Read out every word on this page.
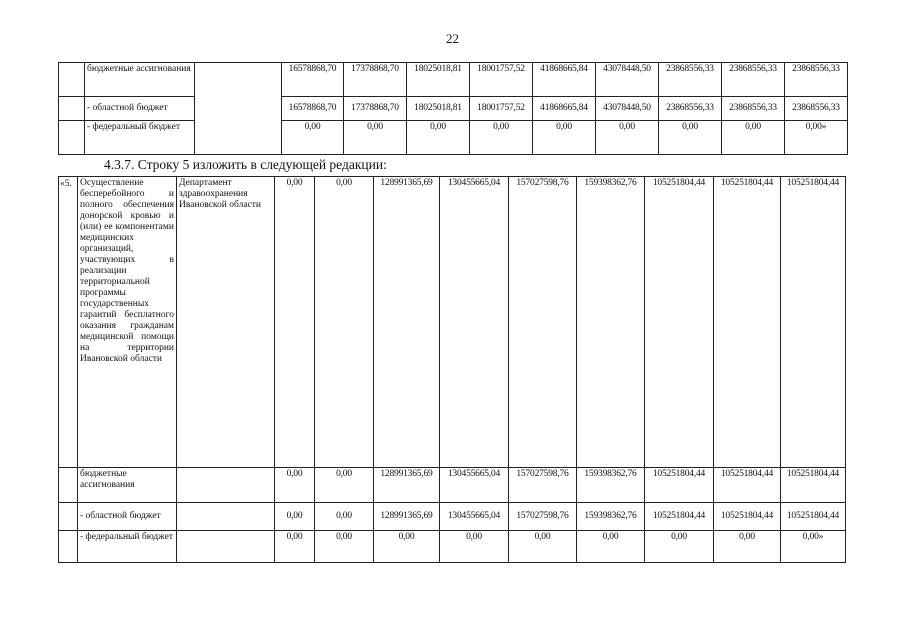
22
	бюджетные ассигнования		16578868,70	17378868,70	18025018,81	18001757,52	41868665,84	43078448,50	23868556,33	23868556,33	23868556,33
	- областной бюджет		16578868,70	17378868,70	18025018,81	18001757,52	41868665,84	43078448,50	23868556,33	23868556,33	23868556,33
	- федеральный бюджет		0,00	0,00	0,00	0,00	0,00	0,00	0,00	0,00	0,00»
4.3.7. Строку 5 изложить в следующей редакции:
«5.	Осуществление бесперебойного и полного обеспечения донорской кровью и (или) ее компонентами медицинских организаций, участвующих в реализации территориальной программы государственных гарантий бесплатного оказания гражданам медицинской помощи на территории Ивановской области	Департамент здравоохранения Ивановской области	0,00	0,00	128991365,69	130455665,04	157027598,76	159398362,76	105251804,44	105251804,44	105251804,44
	бюджетные ассигнования		0,00	0,00	128991365,69	130455665,04	157027598,76	159398362,76	105251804,44	105251804,44	105251804,44
	- областной бюджет		0,00	0,00	128991365,69	130455665,04	157027598,76	159398362,76	105251804,44	105251804,44	105251804,44
	- федеральный бюджет		0,00	0,00	0,00	0,00	0,00	0,00	0,00	0,00	0,00»
